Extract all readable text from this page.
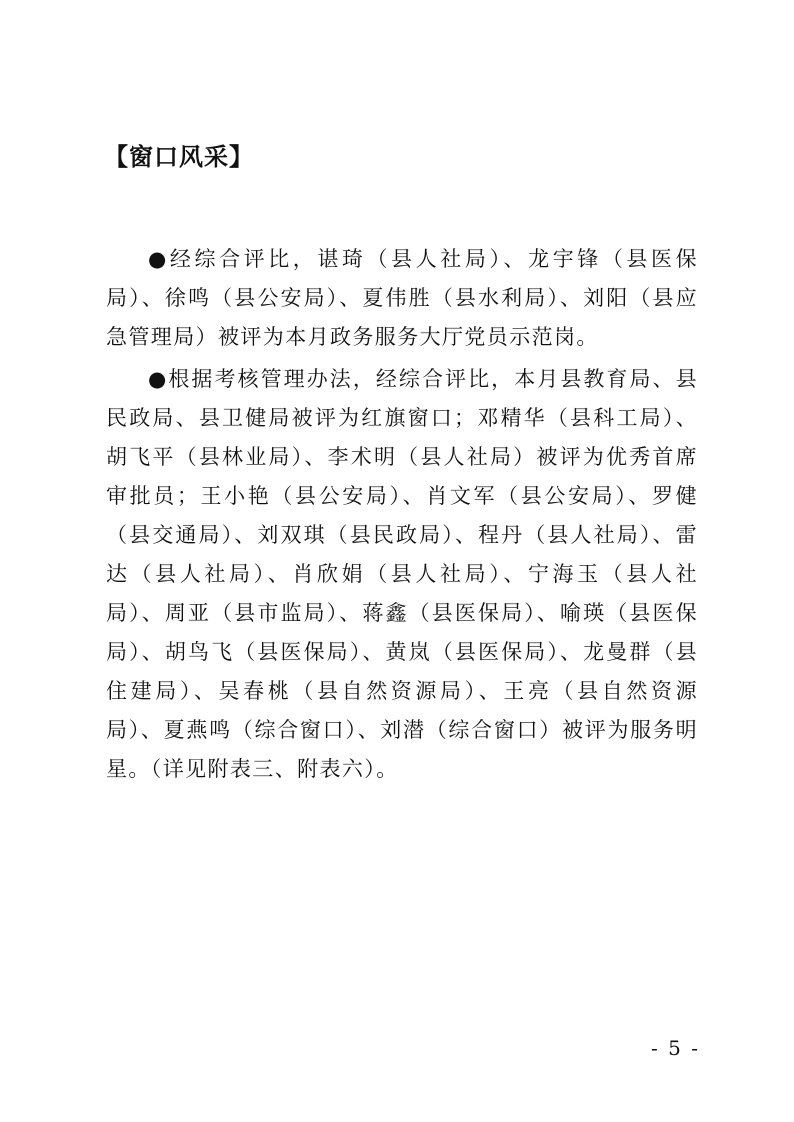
【窗口风采】

●经综合评比，谌琦（县人社局）、龙宇锋（县医保局）、徐鸣（县公安局）、夏伟胜（县水利局）、刘阳（县应急管理局）被评为本月政务服务大厅党员示范岗。

●根据考核管理办法，经综合评比，本月县教育局、县民政局、县卫健局被评为红旗窗口；邓精华（县科工局）、胡飞平（县林业局）、李术明（县人社局）被评为优秀首席审批员；王小艳（县公安局）、肖文军（县公安局）、罗健（县交通局）、刘双琪（县民政局）、程丹（县人社局）、雷达（县人社局）、肖欣娟（县人社局）、宁海玉（县人社局）、周亚（县市监局）、蒋鑫（县医保局）、喻瑛（县医保局）、胡鸟飞（县医保局）、黄岚（县医保局）、龙曼群（县住建局）、吴春桃（县自然资源局）、王亮（县自然资源局）、夏燕鸣（综合窗口）、刘潜（综合窗口）被评为服务明星。（详见附表三、附表六）。

- 5 -
